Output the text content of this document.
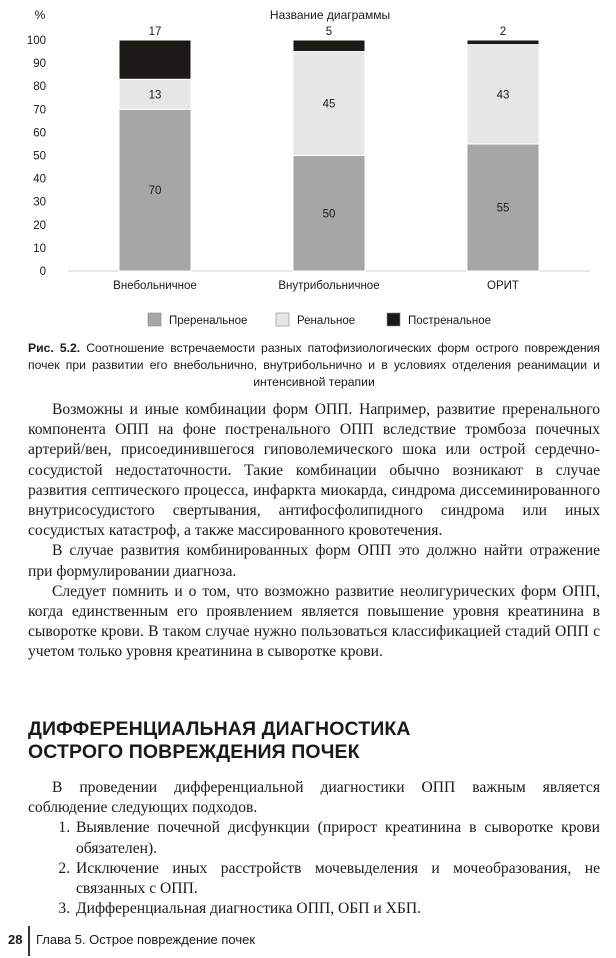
Название диаграммы
%
0
10
20
30
40
50
60
70
80
90
100
70
13
17
Внебольничное
50
45
5
Внутрибольничное
55
43
2
ОРИТ
Преренальное	Ренальное	Постренальное
Рис. 5.2. Соотношение встречаемости разных патофизиологических форм острого повреждения почек при развитии его внебольнично, внутрибольнично и в условиях отделения реанимации и интенсивной терапии

Возможны и иные комбинации форм ОПП. Например, развитие преренального компонента ОПП на фоне постренального ОПП вследствие тромбоза почечных артерий/вен, присоединившегося гиповолемического шока или острой сердечно-сосудистой недостаточности. Такие комбинации обычно возникают в случае развития септического процесса, инфаркта миокарда, синдрома диссеминированного внутрисосудистого свертывания, антифосфолипидного синдрома или иных сосудистых катастроф, а также массированного кровотечения.

В случае развития комбинированных форм ОПП это должно найти отражение при формулировании диагноза.

Следует помнить и о том, что возможно развитие неолигурических форм ОПП, когда единственным его проявлением является повышение уровня креатинина в сыворотке крови. В таком случае нужно пользоваться классификацией стадий ОПП с учетом только уровня креатинина в сыворотке крови.

ДИФФЕРЕНЦИАЛЬНАЯ ДИАГНОСТИКА
ОСТРОГО ПОВРЕЖДЕНИЯ ПОЧЕК

В проведении дифференциальной диагностики ОПП важным является соблюдение следующих подходов.

1. Выявление почечной дисфункции (прирост креатинина в сыворотке крови обязателен).
2. Исключение иных расстройств мочевыделения и мочеобразования, не связанных с ОПП.
3. Дифференциальная диагностика ОПП, ОБП и ХБП.
28 Глава 5. Острое повреждение почек
